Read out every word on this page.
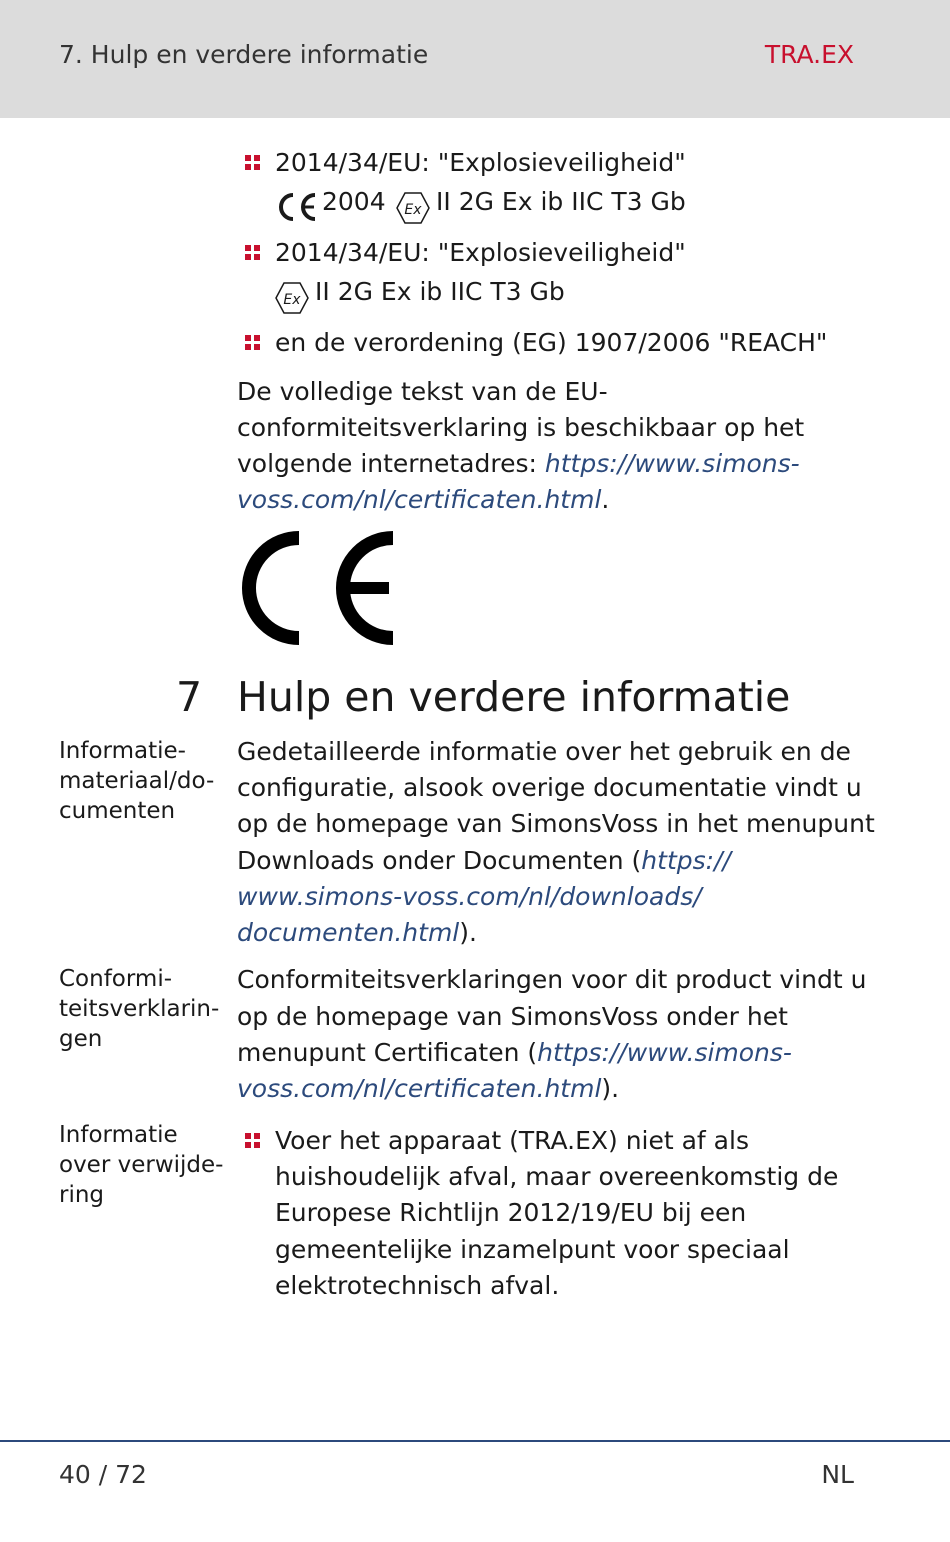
7. Hulp en verdere informatie	TRA.EX
2014/34/EU: "Explosieveiligheid"
2004 Ex II 2G Ex ib IIC T3 Gb
2014/34/EU: "Explosieveiligheid"
Ex II 2G Ex ib IIC T3 Gb
en de verordening (EG) 1907/2006 "REACH"
De volledige tekst van de EU-
conformiteitsverklaring is beschikbaar op het
volgende internetadres: https://www.simons-
voss.com/nl/certificaten.html.
7 Hulp en verdere informatie
Informatie-
materiaal/do-
cumenten
Gedetailleerde informatie over het gebruik en de
configuratie, alsook overige documentatie vindt u
op de homepage van SimonsVoss in het menupunt
Downloads onder Documenten (https://
www.simons-voss.com/nl/downloads/
documenten.html).
Conformi-
teitsverklarin-
gen
Conformiteitsverklaringen voor dit product vindt u
op de homepage van SimonsVoss onder het
menupunt Certificaten (https://www.simons-
voss.com/nl/certificaten.html).
Informatie
over verwijde-
ring
Voer het apparaat (TRA.EX) niet af als
huishoudelijk afval, maar overeenkomstig de
Europese Richtlijn 2012/19/EU bij een
gemeentelijke inzamelpunt voor speciaal
elektrotechnisch afval.
40 / 72	NL
